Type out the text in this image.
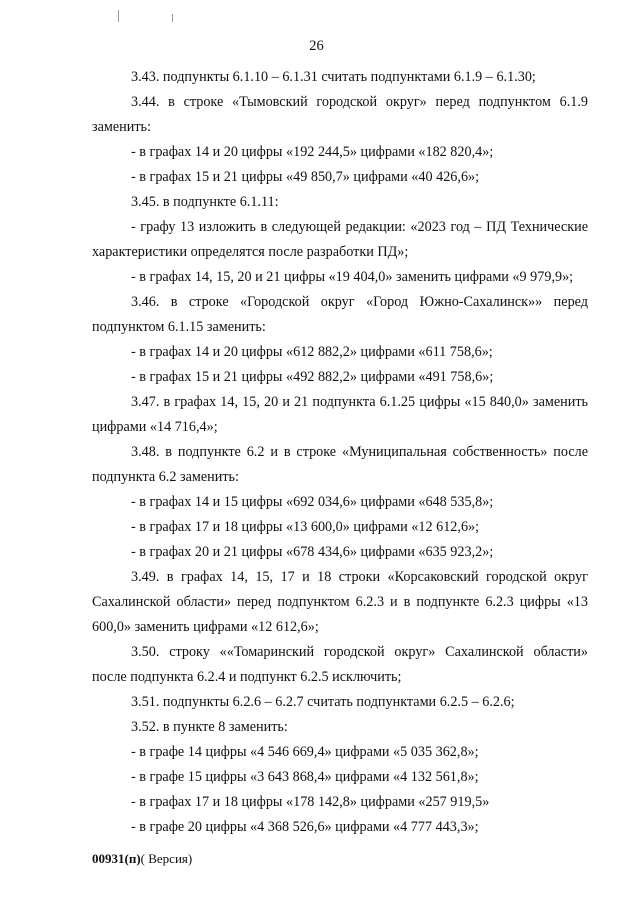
26

3.43. подпункты 6.1.10 – 6.1.31 считать подпунктами 6.1.9 – 6.1.30;

3.44. в строке «Тымовский городской округ» перед подпунктом 6.1.9 заменить:

- в графах 14 и 20 цифры «192 244,5» цифрами «182 820,4»;

- в графах 15 и 21 цифры «49 850,7» цифрами «40 426,6»;

3.45. в подпункте 6.1.11:

- графу 13 изложить в следующей редакции: «2023 год – ПД Технические характеристики определятся после разработки ПД»;

- в графах 14, 15, 20 и 21 цифры «19 404,0» заменить цифрами «9 979,9»;

3.46. в строке «Городской округ «Город Южно-Сахалинск»» перед подпунктом 6.1.15 заменить:

- в графах 14 и 20 цифры «612 882,2» цифрами «611 758,6»;

- в графах 15 и 21 цифры «492 882,2» цифрами «491 758,6»;

3.47. в графах 14, 15, 20 и 21 подпункта 6.1.25 цифры «15 840,0» заменить цифрами «14 716,4»;

3.48. в подпункте 6.2 и в строке «Муниципальная собственность» после подпункта 6.2 заменить:

- в графах 14 и 15 цифры «692 034,6» цифрами «648 535,8»;

- в графах 17 и 18 цифры «13 600,0» цифрами «12 612,6»;

- в графах 20 и 21 цифры «678 434,6» цифрами «635 923,2»;

3.49. в графах 14, 15, 17 и 18 строки «Корсаковский городской округ Сахалинской области» перед подпунктом 6.2.3 и в подпункте 6.2.3 цифры «13 600,0» заменить цифрами «12 612,6»;

3.50. строку ««Томаринский городской округ» Сахалинской области» после подпункта 6.2.4 и подпункт 6.2.5 исключить;

3.51. подпункты 6.2.6 – 6.2.7 считать подпунктами 6.2.5 – 6.2.6;

3.52. в пункте 8 заменить:

- в графе 14 цифры «4 546 669,4» цифрами «5 035 362,8»;

- в графе 15 цифры «3 643 868,4» цифрами «4 132 561,8»;

- в графах 17 и 18 цифры «178 142,8» цифрами «257 919,5»

- в графе 20 цифры «4 368 526,6» цифрами «4 777 443,3»;

00931(п)( Версия)
